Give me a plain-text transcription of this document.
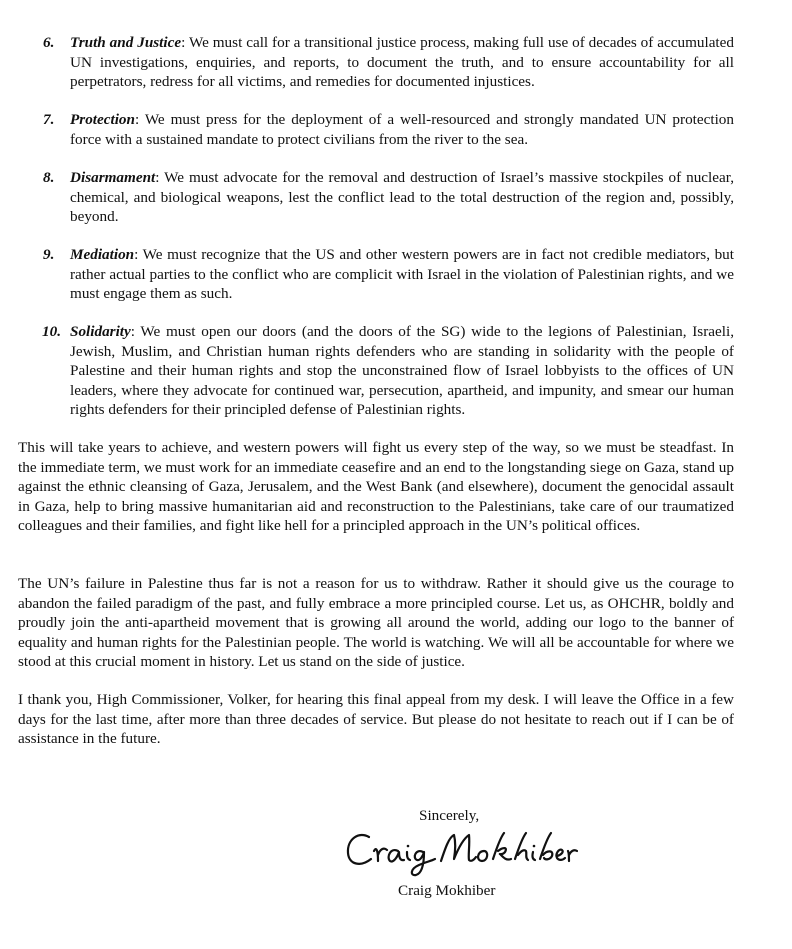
6. Truth and Justice: We must call for a transitional justice process, making full use of decades of accumulated UN investigations, enquiries, and reports, to document the truth, and to ensure accountability for all perpetrators, redress for all victims, and remedies for documented injustices.
7. Protection: We must press for the deployment of a well-resourced and strongly mandated UN protection force with a sustained mandate to protect civilians from the river to the sea.
8. Disarmament: We must advocate for the removal and destruction of Israel’s massive stockpiles of nuclear, chemical, and biological weapons, lest the conflict lead to the total destruction of the region and, possibly, beyond.
9. Mediation: We must recognize that the US and other western powers are in fact not credible mediators, but rather actual parties to the conflict who are complicit with Israel in the violation of Palestinian rights, and we must engage them as such.
10. Solidarity: We must open our doors (and the doors of the SG) wide to the legions of Palestinian, Israeli, Jewish, Muslim, and Christian human rights defenders who are standing in solidarity with the people of Palestine and their human rights and stop the unconstrained flow of Israel lobbyists to the offices of UN leaders, where they advocate for continued war, persecution, apartheid, and impunity, and smear our human rights defenders for their principled defense of Palestinian rights.
This will take years to achieve, and western powers will fight us every step of the way, so we must be steadfast. In the immediate term, we must work for an immediate ceasefire and an end to the longstanding siege on Gaza, stand up against the ethnic cleansing of Gaza, Jerusalem, and the West Bank (and elsewhere), document the genocidal assault in Gaza, help to bring massive humanitarian aid and reconstruction to the Palestinians, take care of our traumatized colleagues and their families, and fight like hell for a principled approach in the UN’s political offices.
The UN’s failure in Palestine thus far is not a reason for us to withdraw. Rather it should give us the courage to abandon the failed paradigm of the past, and fully embrace a more principled course. Let us, as OHCHR, boldly and proudly join the anti-apartheid movement that is growing all around the world, adding our logo to the banner of equality and human rights for the Palestinian people. The world is watching. We will all be accountable for where we stood at this crucial moment in history. Let us stand on the side of justice.
I thank you, High Commissioner, Volker, for hearing this final appeal from my desk. I will leave the Office in a few days for the last time, after more than three decades of service. But please do not hesitate to reach out if I can be of assistance in the future.
Sincerely,
Craig Mokhiber
Craig Mokhiber
